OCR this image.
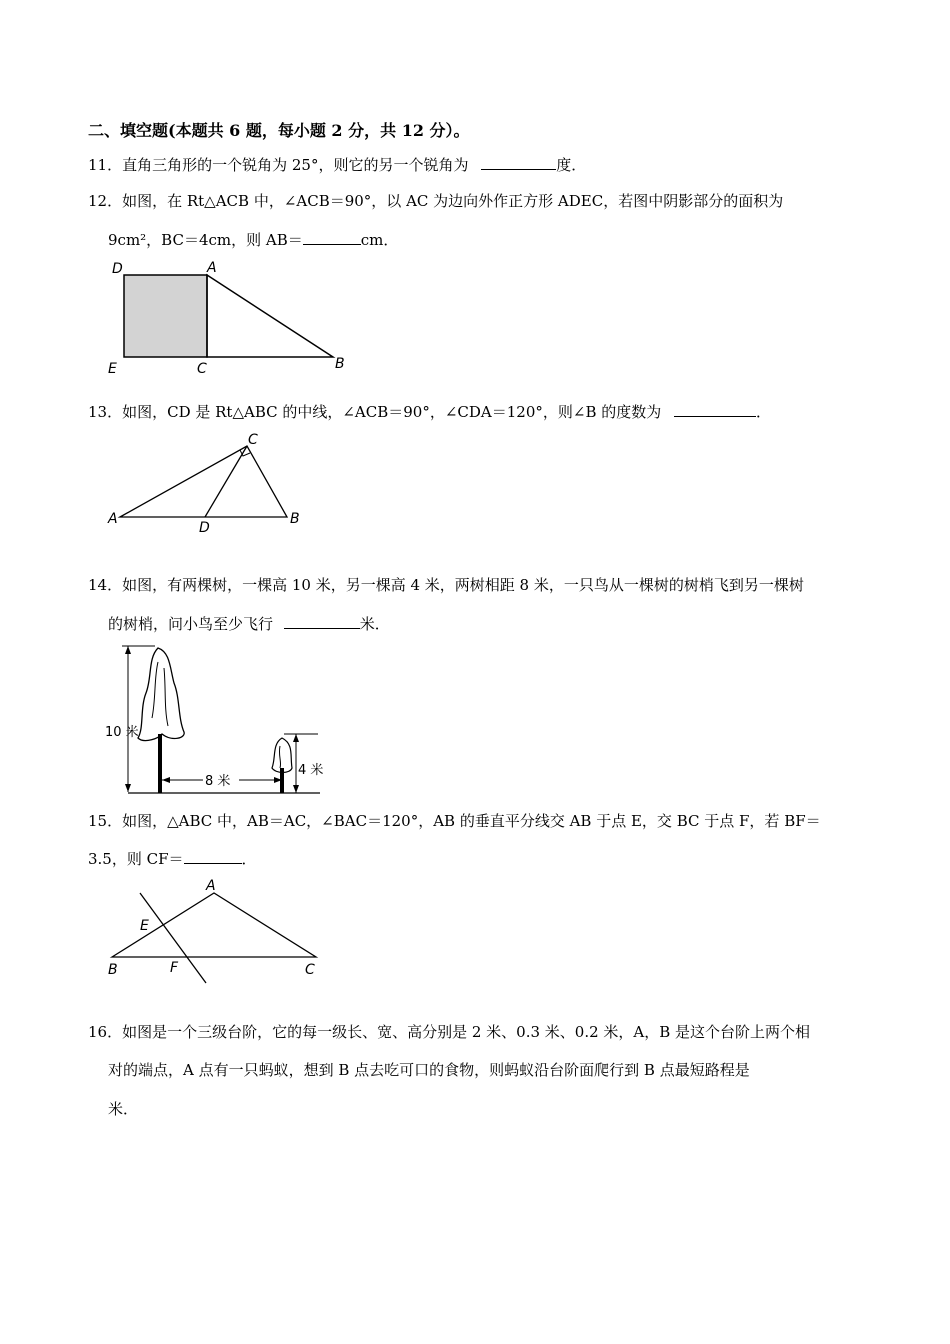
二、填空题(本题共 6 题，每小题 2 分，共 12 分）。
11．直角三角形的一个锐角为 25°，则它的另一个锐角为	度．
12．如图，在 Rt△ACB 中，∠ACB＝90°，以 AC 为边向外作正方形 ADEC，若图中阴影部分的面积为
9cm²，BC＝4cm，则 AB＝	cm．
D	A
E	C	B
13．如图，CD 是 Rt△ABC 的中线，∠ACB＝90°，∠CDA＝120°，则∠B 的度数为	．
A	B
C
D
14．如图，有两棵树，一棵高 10 米，另一棵高 4 米，两树相距 8 米，一只鸟从一棵树的树梢飞到另一棵树
的树梢，问小鸟至少飞行	米．
10 米
8 米
4 米
15．如图，△ABC 中，AB＝AC，∠BAC＝120°，AB 的垂直平分线交 AB 于点 E，交 BC 于点 F，若 BF＝
3.5，则 CF＝	．
A
B	C
E
F
16．如图是一个三级台阶，它的每一级长、宽、高分别是 2 米、0.3 米、0.2 米，A，B 是这个台阶上两个相
对的端点，A 点有一只蚂蚁，想到 B 点去吃可口的食物，则蚂蚁沿台阶面爬行到 B 点最短路程是
米．
